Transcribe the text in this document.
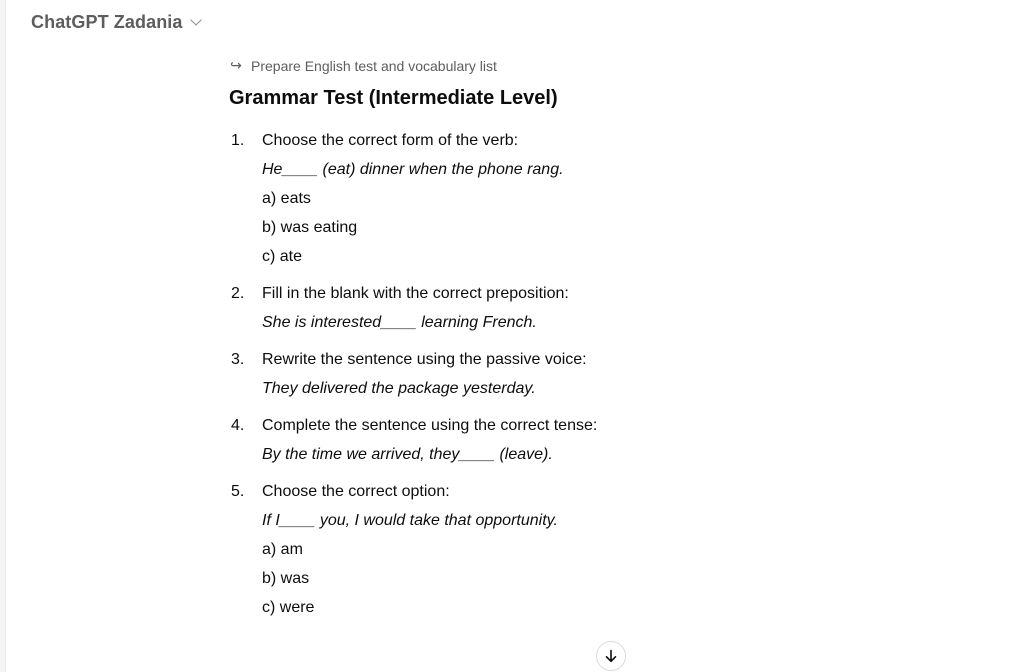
ChatGPT Zadania
↪ Prepare English test and vocabulary list
Grammar Test (Intermediate Level)
1. Choose the correct form of the verb:
He____ (eat) dinner when the phone rang.
a) eats
b) was eating
c) ate
2. Fill in the blank with the correct preposition:
She is interested____ learning French.
3. Rewrite the sentence using the passive voice:
They delivered the package yesterday.
4. Complete the sentence using the correct tense:
By the time we arrived, they____ (leave).
5. Choose the correct option:
If I____ you, I would take that opportunity.
a) am
b) was
c) were
